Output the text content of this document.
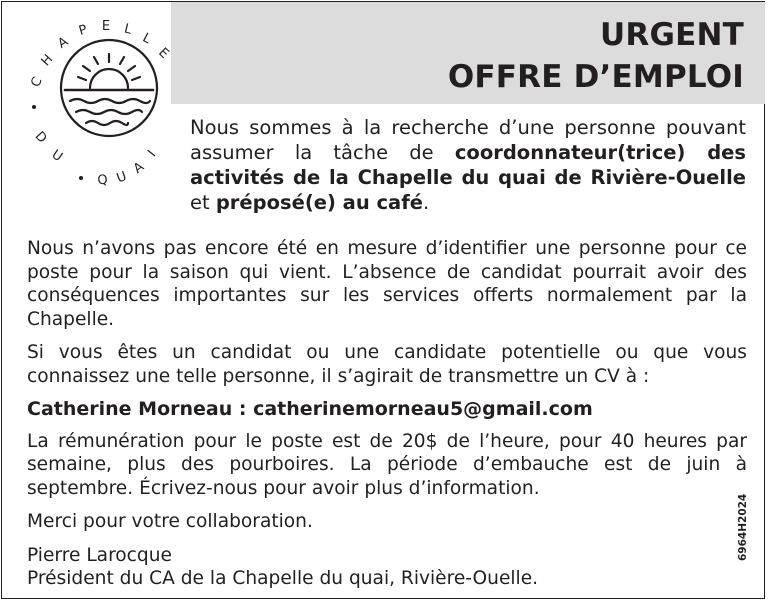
URGENT
OFFRE D’EMPLOI
C
H
A
P E L
L
E
D
U
Q U
A
I
Nous sommes à la recherche d’une personne pouvant assumer la tâche de coordonnateur(trice) des activités de la Chapelle du quai de Rivière-Ouelle et préposé(e) au café.

Nous n’avons pas encore été en mesure d’identifier une personne pour ce poste pour la saison qui vient. L’absence de candidat pourrait avoir des conséquences importantes sur les services offerts normalement par la Chapelle.

Si vous êtes un candidat ou une candidate potentielle ou que vous connaissez une telle personne, il s’agirait de transmettre un CV à :

Catherine Morneau : catherinemorneau5@gmail.com

La rémunération pour le poste est de 20$ de l’heure, pour 40 heures par semaine, plus des pourboires. La période d’embauche est de juin à septembre. Écrivez-nous pour avoir plus d’information.

Merci pour votre collaboration.

Pierre Larocque

Président du CA de la Chapelle du quai, Rivière-Ouelle.

6964H2024
